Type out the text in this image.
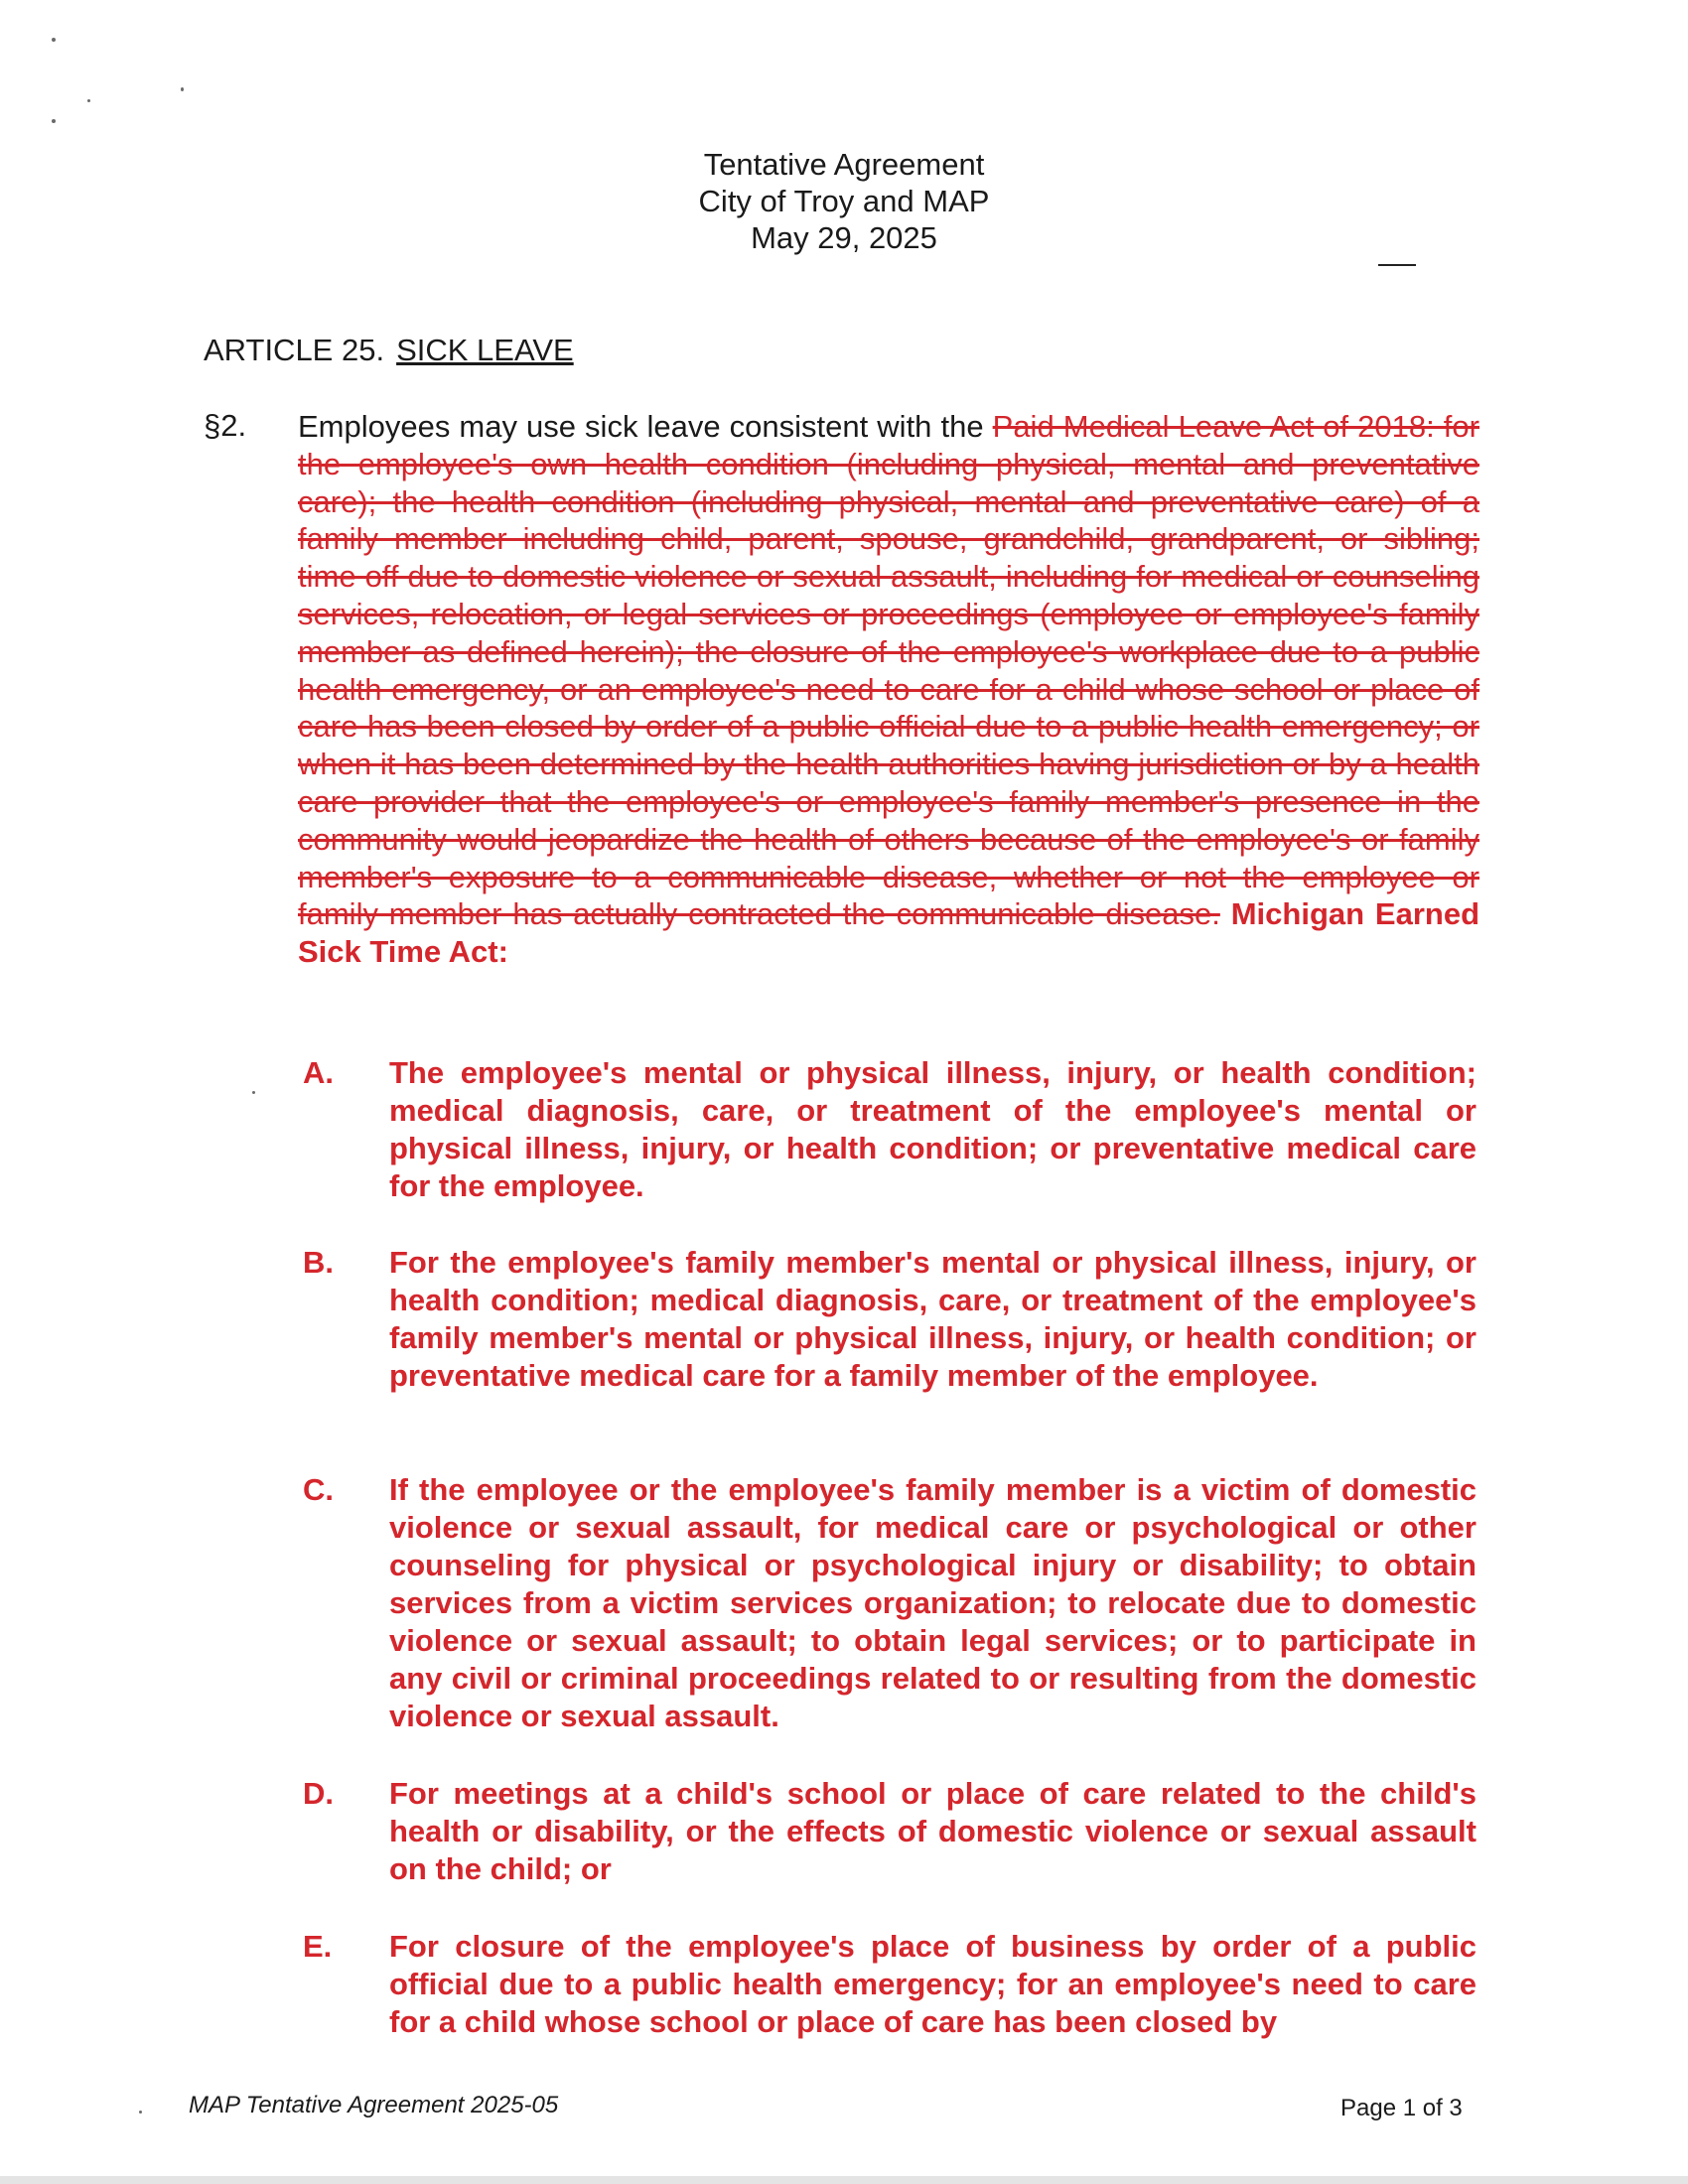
Tentative Agreement
City of Troy and MAP
May 29, 2025
ARTICLE 25. SICK LEAVE
§2. Employees may use sick leave consistent with the Paid Medical Leave Act of 2018: for the employee's own health condition (including physical, mental and preventative care); the health condition (including physical, mental and preventative care) of a family member including child, parent, spouse, grandchild, grandparent, or sibling; time off due to domestic violence or sexual assault, including for medical or counseling services, relocation, or legal services or proceedings (employee or employee's family member as defined herein); the closure of the employee's workplace due to a public health emergency, or an employee's need to care for a child whose school or place of care has been closed by order of a public official due to a public health emergency; or when it has been determined by the health authorities having jurisdiction or by a health care provider that the employee's or employee's family member's presence in the community would jeopardize the health of others because of the employee's or family member's exposure to a communicable disease, whether or not the employee or family member has actually contracted the communicable disease. Michigan Earned Sick Time Act:
A. The employee's mental or physical illness, injury, or health condition; medical diagnosis, care, or treatment of the employee's mental or physical illness, injury, or health condition; or preventative medical care for the employee.
B. For the employee's family member's mental or physical illness, injury, or health condition; medical diagnosis, care, or treatment of the employee's family member's mental or physical illness, injury, or health condition; or preventative medical care for a family member of the employee.
C. If the employee or the employee's family member is a victim of domestic violence or sexual assault, for medical care or psychological or other counseling for physical or psychological injury or disability; to obtain services from a victim services organization; to relocate due to domestic violence or sexual assault; to obtain legal services; or to participate in any civil or criminal proceedings related to or resulting from the domestic violence or sexual assault.
D. For meetings at a child's school or place of care related to the child's health or disability, or the effects of domestic violence or sexual assault on the child; or
E. For closure of the employee's place of business by order of a public official due to a public health emergency; for an employee's need to care for a child whose school or place of care has been closed by
MAP Tentative Agreement 2025-05	Page 1 of 3
